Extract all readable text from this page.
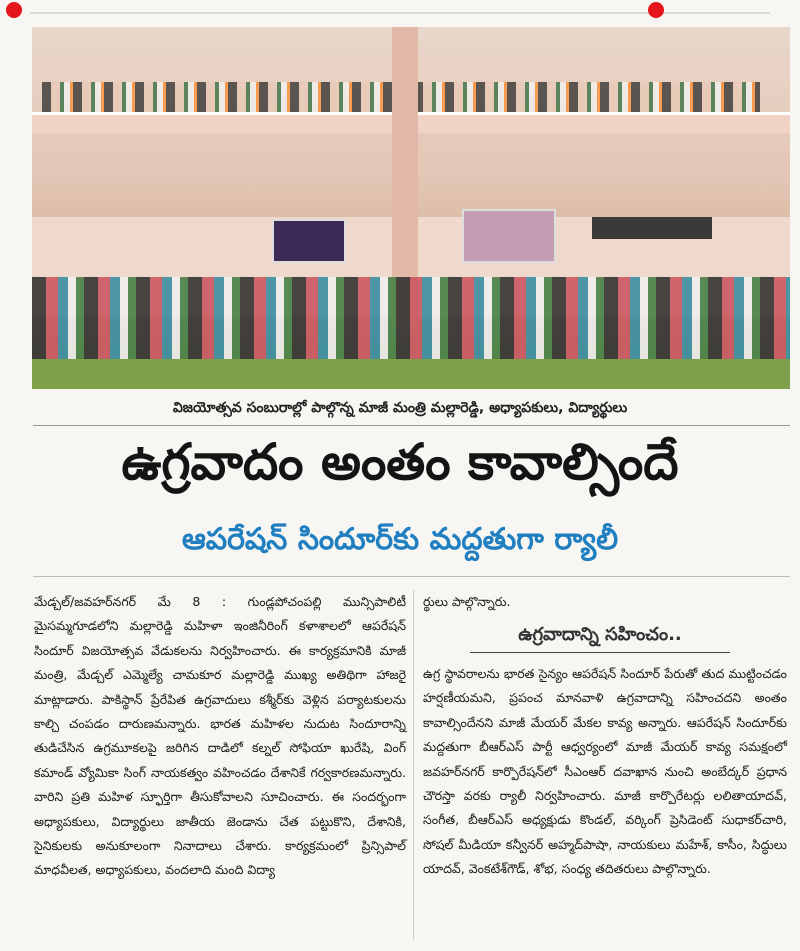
విజయోత్సవ సంబురాల్లో పాల్గొన్న మాజీ మంత్రి మల్లారెడ్డి, అధ్యాపకులు, విద్యార్థులు
ఉగ్రవాదం అంతం కావాల్సిందే
ఆపరేషన్ సిందూర్‌కు మద్దతుగా ర్యాలీ
మేడ్చల్‌/జవహర్‌నగర్ మే 8 : గుండ్లపోచంపల్లి మున్సిపాలిటీ మైసమ్మగూడలోని మల్లారెడ్డి మహిళా ఇంజినీరింగ్ కళాశాలలో ఆపరేషన్ సిందూర్ విజయోత్సవ వేడుకలను నిర్వహించారు. ఈ కార్యక్రమానికి మాజీ మంత్రి, మేడ్చల్ ఎమ్మెల్యే చామకూర మల్లారెడ్డి ముఖ్య అతిథిగా హాజరై మాట్లాడారు. పాకిస్థాన్ ప్రేరేపిత ఉగ్రవాదులు కశ్మీర్‌కు వెళ్లిన పర్యాటకులను కాల్చి చంపడం దారుణమన్నారు. భారత మహిళల నుదుట సిందూరాన్ని తుడిచేసిన ఉగ్రమూకలపై జరిగిన దాడిలో కల్నల్ సోఫియా ఖురేషి, వింగ్ కమాండ్ వ్యోమికా సింగ్ నాయకత్వం వహించడం దేశానికే గర్వకారణమన్నారు. వారిని ప్రతి మహిళ స్ఫూర్తిగా తీసుకోవాలని సూచించారు. ఈ సందర్భంగా అధ్యాపకులు, విద్యార్థులు జాతీయ జెండాను చేత పట్టుకొని, దేశానికి, సైనికులకు అనుకూలంగా నినాదాలు చేశారు. కార్యక్రమంలో ప్రిన్సిపాల్ మాధవీలత, అధ్యాపకులు, వందలాది మంది విద్యా
ర్థులు పాల్గొన్నారు.
ఉగ్రవాదాన్ని సహించం..
ఉగ్ర స్థావరాలను భారత సైన్యం ఆపరేషన్ సిందూర్ పేరుతో తుద ముట్టించడం హర్షణీయమని, ప్రపంచ మానవాళి ఉగ్రవాదాన్ని సహించదని అంతం కావాల్సిందేనని మాజీ మేయర్ మేకల కావ్య అన్నారు. ఆపరేషన్ సిందూర్‌కు మద్దతుగా బీఆర్ఎస్ పార్టీ ఆధ్వర్యంలో మాజీ మేయర్ కావ్య సమక్షంలో జవహర్‌నగర్ కార్పొరేషన్‌లో సీఎంఆర్ దవాఖాన నుంచి అంబేద్కర్ ప్రధాన చౌరస్తా వరకు ర్యాలీ నిర్వహించారు. మాజీ కార్పొరేటర్లు లలితాయాదవ్, సంగీత, బీఆర్ఎస్ అధ్యక్షుడు కొండల్, వర్కింగ్ ప్రెసిడెంట్ సుధాకర్‌చారి, సోషల్ మీడియా కన్వీనర్ అహ్మద్‌పాషా, నాయకులు మహేశ్, కాసీం, సిద్ధులు యాదవ్, వెంకటేశ్‌గౌడ్, శోభ, సంధ్య తదితరులు పాల్గొన్నారు.
